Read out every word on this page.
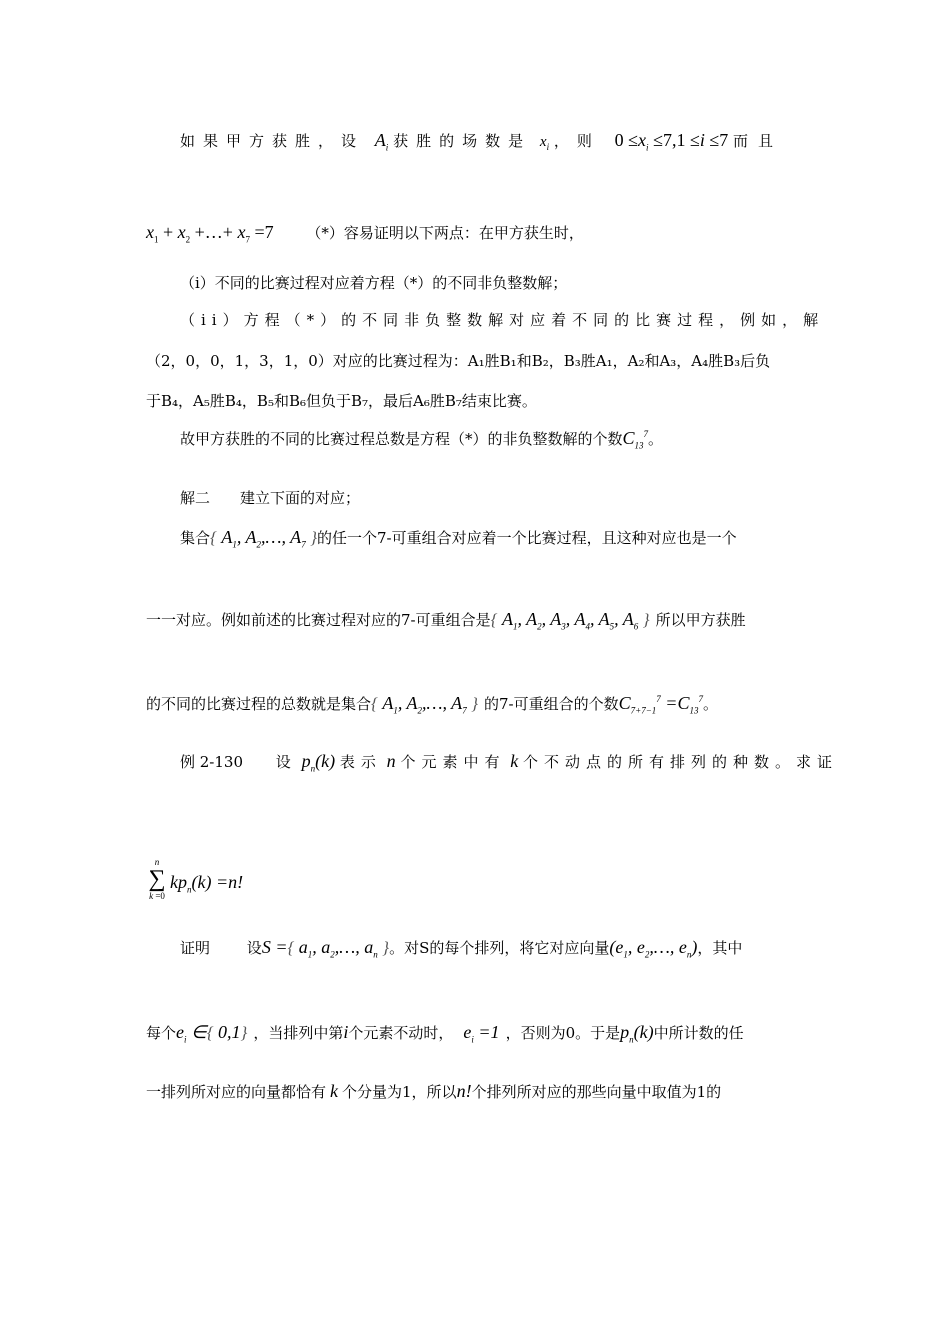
如果甲方获胜，设 $A_i$ 获胜的场数是 $x_i$ ，则 $0 \le x_i \le 7,1 \le i \le 7$ 而且
$x_1 + x_2$ +…+ $x_7 =7$ （*）容易证明以下两点：在甲方获生时，
（i）不同的比赛过程对应着方程（*）的不同非负整数解；
（ii）方程（*）的不同非负整数解对应着不同的比赛过程，例如，解
（2，0，0，1，3，1，0）对应的比赛过程为：A₁胜B₁和B₂，B₃胜A₁，A₂和A₃，A₄胜B₃后负
于B₄，A₅胜B₄，B₅和B₆但负于B₇，最后A₆胜B₇结束比赛。
故甲方获胜的不同的比赛过程总数是方程（*）的非负整数解的个数$C_{13}^7$。
解二　　建立下面的对应；
集合{ $A_1$, $A_2,\dots$, $A_7$ }的任一个7-可重组合对应着一个比赛过程，且这种对应也是一个
一一对应。例如前述的比赛过程对应的7-可重组合是{ $A_1$, $A_2$, $A_3$, $A_4$, $A_5$, $A_6$ } 所以甲方获胜
的不同的比赛过程的总数就是集合{ $A_1$, $A_2,\dots$, $A_7$ } 的7-可重组合的个数$C_{7+7-1}^7 =C_{13}^7$。
例 2-130 设 $p_n(k)$ 表示 n 个元素中有 k 个不动点的所有排列的种数。求证
n
∑
k =0
$kp_n(k) =n$!
证明 设S ={ $a_1$, $a_2,\dots$, $a_n$ }。对S的每个排列，将它对应向量($e_1$, $e_2,\dots$, $e_n$)，其中
每个$e_i$ ∈{ 0,1} ，当排列中第i个元素不动时， $e_i =1$ ，否则为0。于是$p_n(k)$中所计数的任
一排列所对应的向量都恰有 k 个分量为1，所以n!个排列所对应的那些向量中取值为1的
